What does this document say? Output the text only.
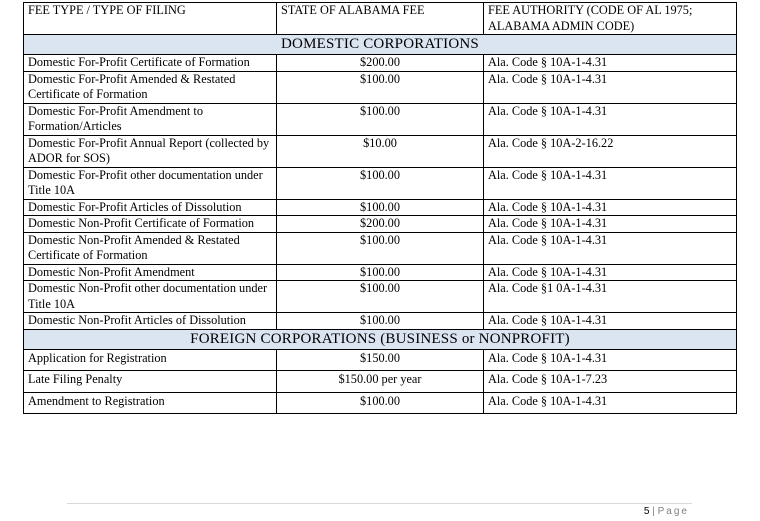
FEE TYPE / TYPE OF FILING	STATE OF ALABAMA FEE	FEE AUTHORITY (CODE OF AL 1975; ALABAMA ADMIN CODE)
DOMESTIC CORPORATIONS		
Domestic For-Profit Certificate of Formation	$200.00	Ala. Code § 10A-1-4.31
Domestic For-Profit Amended & Restated Certificate of Formation	$100.00	Ala. Code § 10A-1-4.31
Domestic For-Profit Amendment to Formation/Articles	$100.00	Ala. Code § 10A-1-4.31
Domestic For-Profit Annual Report (collected by ADOR for SOS)	$10.00	Ala. Code § 10A-2-16.22
Domestic For-Profit other documentation under Title 10A	$100.00	Ala. Code § 10A-1-4.31
Domestic For-Profit Articles of Dissolution	$100.00	Ala. Code § 10A-1-4.31
Domestic Non-Profit Certificate of Formation	$200.00	Ala. Code § 10A-1-4.31
Domestic Non-Profit Amended & Restated Certificate of Formation	$100.00	Ala. Code § 10A-1-4.31
Domestic Non-Profit Amendment	$100.00	Ala. Code § 10A-1-4.31
Domestic Non-Profit other documentation under Title 10A	$100.00	Ala. Code §1 0A-1-4.31
Domestic Non-Profit Articles of Dissolution	$100.00	Ala. Code § 10A-1-4.31
FOREIGN CORPORATIONS (BUSINESS or NONPROFIT)		
Application for Registration	$150.00	Ala. Code § 10A-1-4.31
Late Filing Penalty	$150.00 per year	Ala. Code § 10A-1-7.23
Amendment to Registration	$100.00	Ala. Code § 10A-1-4.31
5 | Page
